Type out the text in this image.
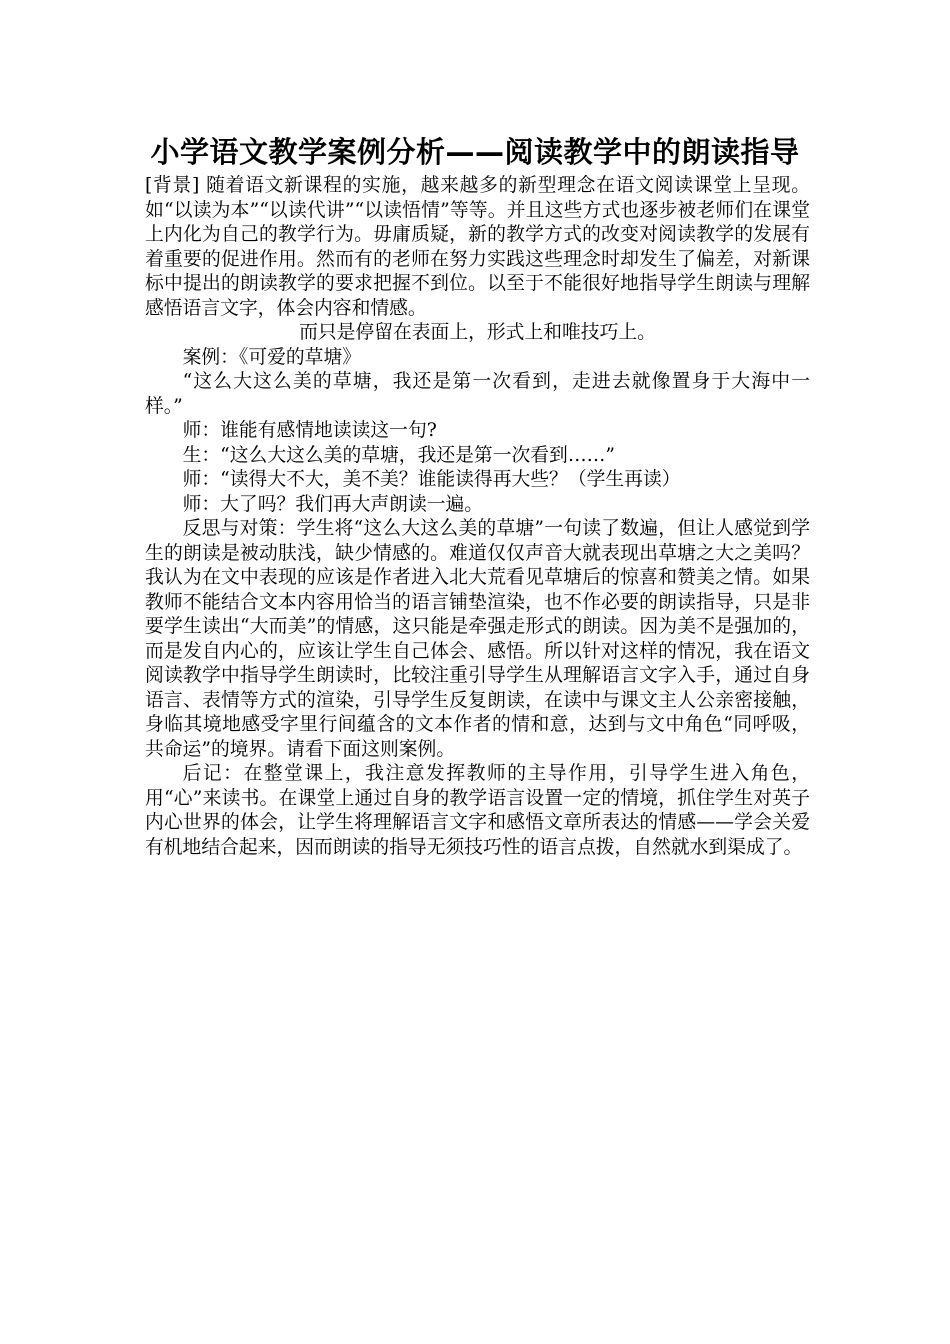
小学语文教学案例分析——阅读教学中的朗读指导

[背景] 随着语文新课程的实施，越来越多的新型理念在语文阅读课堂上呈现。如“以读为本”“以读代讲”“以读悟情”等等。并且这些方式也逐步被老师们在课堂上内化为自己的教学行为。毋庸质疑，新的教学方式的改变对阅读教学的发展有着重要的促进作用。然而有的老师在努力实践这些理念时却发生了偏差，对新课标中提出的朗读教学的要求把握不到位。以至于不能很好地指导学生朗读与理解感悟语言文字，体会内容和情感。

而只是停留在表面上，形式上和唯技巧上。

案例：《可爱的草塘》

“这么大这么美的草塘，我还是第一次看到，走进去就像置身于大海中一样。”

师：谁能有感情地读读这一句?

生：“这么大这么美的草塘，我还是第一次看到……”

师：“读得大不大，美不美？谁能读得再大些？（学生再读）

师：大了吗？我们再大声朗读一遍。

反思与对策：学生将“这么大这么美的草塘”一句读了数遍，但让人感觉到学生的朗读是被动肤浅，缺少情感的。难道仅仅声音大就表现出草塘之大之美吗？我认为在文中表现的应该是作者进入北大荒看见草塘后的惊喜和赞美之情。如果教师不能结合文本内容用恰当的语言铺垫渲染，也不作必要的朗读指导，只是非要学生读出“大而美”的情感，这只能是牵强走形式的朗读。因为美不是强加的，而是发自内心的，应该让学生自己体会、感悟。所以针对这样的情况，我在语文阅读教学中指导学生朗读时，比较注重引导学生从理解语言文字入手，通过自身语言、表情等方式的渲染，引导学生反复朗读，在读中与课文主人公亲密接触，身临其境地感受字里行间蕴含的文本作者的情和意，达到与文中角色“同呼吸，共命运”的境界。请看下面这则案例。

后记：在整堂课上，我注意发挥教师的主导作用，引导学生进入角色，用“心”来读书。在课堂上通过自身的教学语言设置一定的情境，抓住学生对英子内心世界的体会，让学生将理解语言文字和感悟文章所表达的情感——学会关爱有机地结合起来，因而朗读的指导无须技巧性的语言点拨，自然就水到渠成了。
